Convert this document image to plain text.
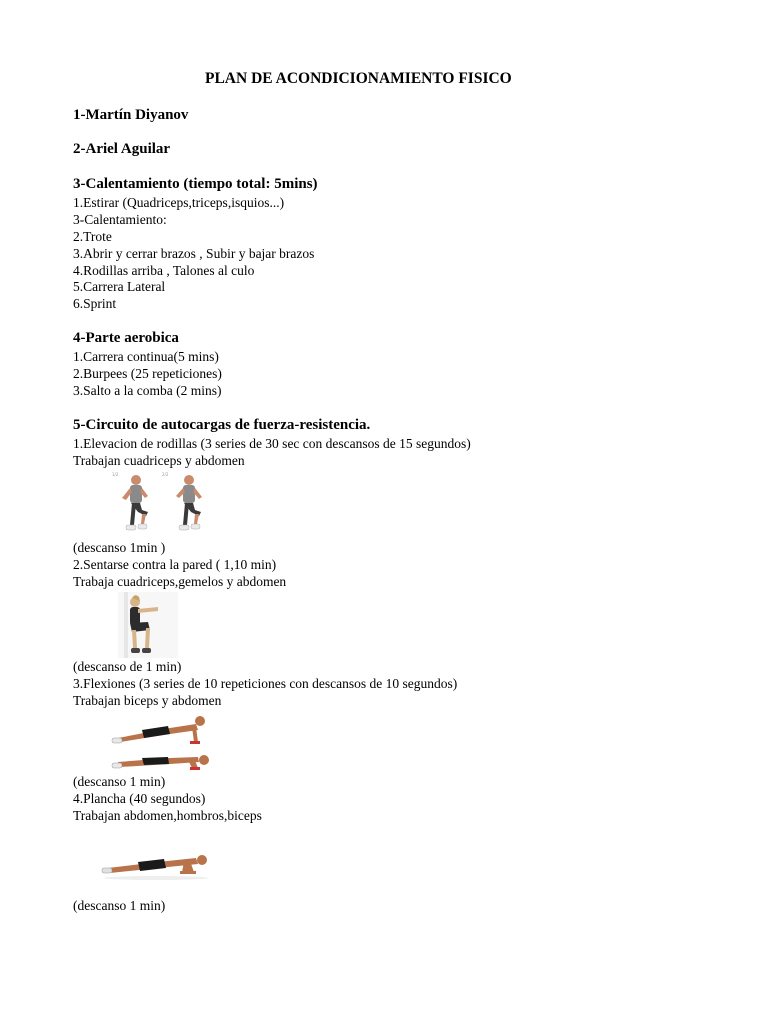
PLAN DE ACONDICIONAMIENTO FISICO
1-Martín Diyanov
2-Ariel Aguilar
3-Calentamiento (tiempo total: 5mins)
1.Estirar (Quadriceps,triceps,isquios...)
3-Calentamiento:
2.Trote
3.Abrir y cerrar brazos , Subir y bajar brazos
4.Rodillas arriba , Talones al culo
5.Carrera Lateral
6.Sprint
4-Parte aerobica
1.Carrera continua(5 mins)
2.Burpees (25 repeticiones)
3.Salto a la comba (2 mins)
5-Circuito de autocargas de fuerza-resistencia.
1.Elevacion de rodillas (3 series de 30 sec con descansos de 15 segundos)
Trabajan cuadriceps y abdomen
1/2	2/2
(descanso 1min )
2.Sentarse contra la pared ( 1,10 min)
Trabaja cuadriceps,gemelos y abdomen
(descanso de 1 min)
3.Flexiones (3 series de 10 repeticiones con descansos de 10 segundos)
Trabajan biceps y abdomen
(descanso 1 min)
4.Plancha (40 segundos)
Trabajan abdomen,hombros,biceps
(descanso 1 min)
